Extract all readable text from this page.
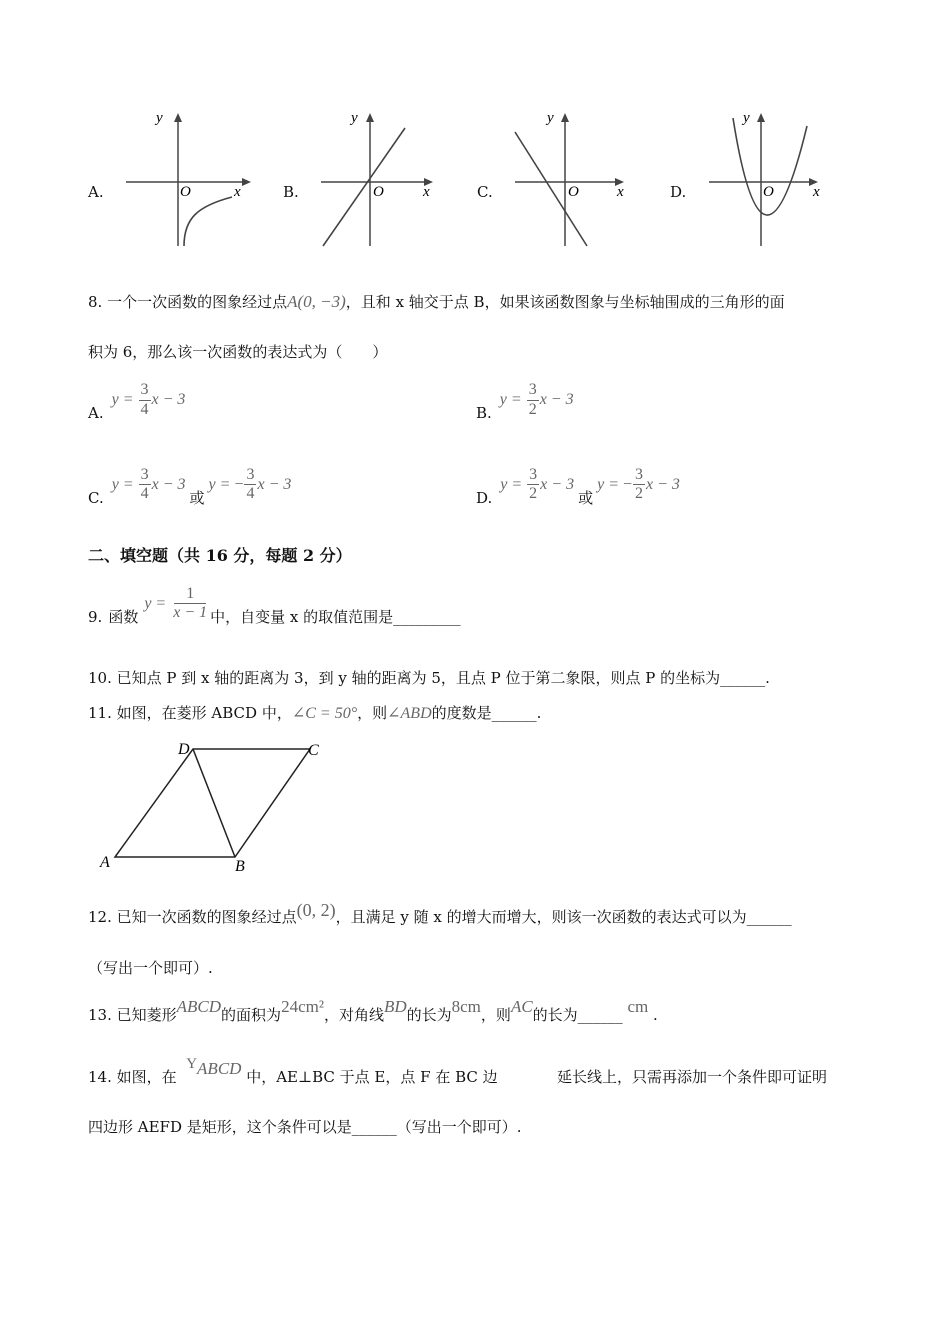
A.
y
x
O	B.
y
x
O	C.
y
x
O	D.
y
x
O
8. 一个一次函数的图象经过点A(0, −3)，且和 x 轴交于点 B，如果该函数图象与坐标轴围成的三角形的面
积为 6，那么该一次函数的表达式为（　　）
A.
y =
$\frac{3}{4}$ x − 3
B.
y =
$\frac{3}{2}$ x − 3
C.
y =
$\frac{3}{4}$ x − 3
或
y =
− $\frac{3}{4}$ x − 3
D.
y =
$\frac{3}{2}$ x − 3
或
y =
− $\frac{3}{2}$ x − 3
二、填空题（共 16 分，每题 2 分）
9. 函数
y =
$\frac{1}{x - 1}$ 中，自变量 x 的取值范围是_________
10. 已知点 P 到 x 轴的距离为 3，到 y 轴的距离为 5，且点 P 位于第二象限，则点 P 的坐标为______.
11. 如图，在菱形 ABCD 中，∠C = 50°，则∠ABD的度数是______.
A	B
C
D
12. 已知一次函数的图象经过点(0, 2)，且满足 y 随 x 的增大而增大，则该一次函数的表达式可以为______
（写出一个即可）.
13. 已知菱形ABCD的面积为24cm²，对角线BD的长为8cm，则AC的长为______ cm .
14. 如图，在  YABCD 中，AE⊥BC 于点 E，点 F 在 BC 边	延长线上，只需再添加一个条件即可证明
四边形 AEFD 是矩形，这个条件可以是______（写出一个即可）.
